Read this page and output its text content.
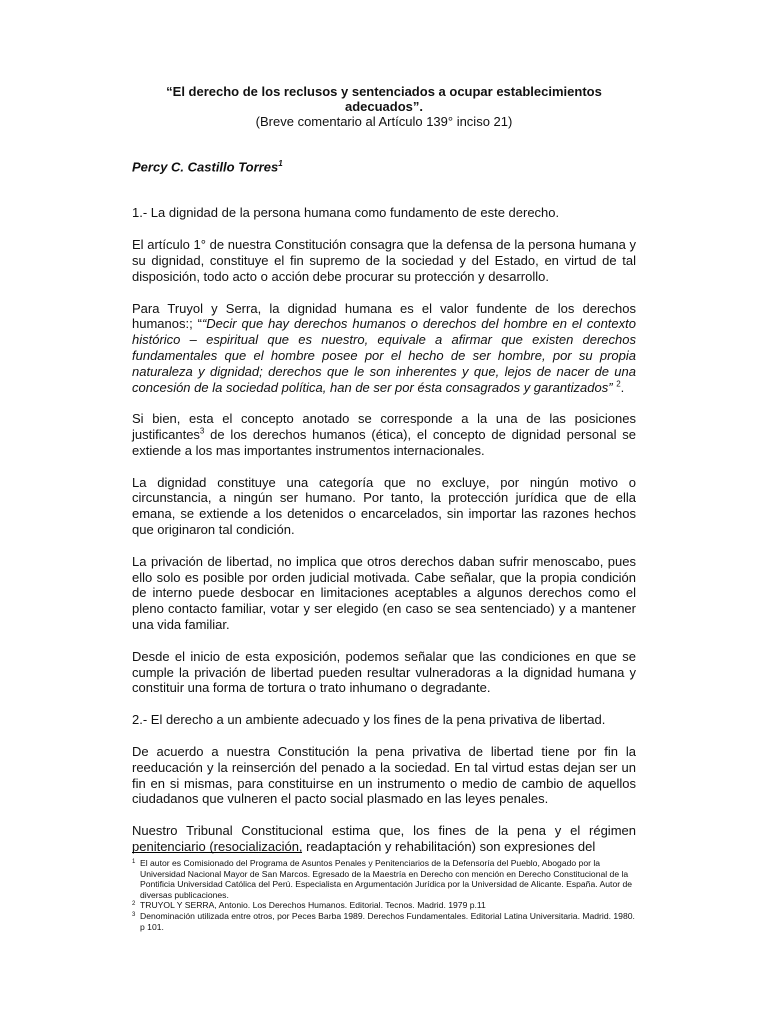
“El derecho de los reclusos y sentenciados a ocupar establecimientos adecuados”.

(Breve comentario al Artículo 139° inciso 21)

Percy C. Castillo Torres$^1$

1.- La dignidad de la persona humana como fundamento de este derecho.

El artículo 1° de nuestra Constitución consagra que la defensa de la persona humana y su dignidad, constituye el fin supremo de la sociedad y del Estado, en virtud de tal disposición, todo acto o acción debe procurar su protección y desarrollo.

Para Truyol y Serra, la dignidad humana es el valor fundente de los derechos humanos:; ““Decir que hay derechos humanos o derechos del hombre en el contexto histórico – espiritual que es nuestro, equivale a afirmar que existen derechos fundamentales que el hombre posee por el hecho de ser hombre, por su propia naturaleza y dignidad; derechos que le son inherentes y que, lejos de nacer de una concesión de la sociedad política, han de ser por ésta consagrados y garantizados” $^2$.

Si bien, esta el concepto anotado se corresponde a la una de las posiciones justificantes$^3$ de los derechos humanos (ética), el concepto de dignidad personal se extiende a los mas importantes instrumentos internacionales.

La dignidad constituye una categoría que no excluye, por ningún motivo o circunstancia, a ningún ser humano. Por tanto, la protección jurídica que de ella emana, se extiende a los detenidos o encarcelados, sin importar las razones hechos que originaron tal condición.

La privación de libertad, no implica que otros derechos daban sufrir menoscabo, pues ello solo es posible por orden judicial motivada. Cabe señalar, que la propia condición de interno puede desbocar en limitaciones aceptables a algunos derechos como el pleno contacto familiar, votar y ser elegido (en caso se sea sentenciado) y a mantener una vida familiar.

Desde el inicio de esta exposición, podemos señalar que las condiciones en que se cumple la privación de libertad pueden resultar vulneradoras a la dignidad humana y constituir una forma de tortura o trato inhumano o degradante.

2.- El derecho a un ambiente adecuado y los fines de la pena privativa de libertad.

De acuerdo a nuestra Constitución la pena privativa de libertad tiene por fin la reeducación y la reinserción del penado a la sociedad. En tal virtud estas dejan ser un fin en si mismas, para constituirse en un instrumento o medio de cambio de aquellos ciudadanos que vulneren el pacto social plasmado en las leyes penales.

Nuestro Tribunal Constitucional estima que, los fines de la pena y el régimen penitenciario (resocialización, readaptación y rehabilitación) son expresiones del

1 El autor es Comisionado del Programa de Asuntos Penales y Penitenciarios de la Defensoría del Pueblo, Abogado por la Universidad Nacional Mayor de San Marcos. Egresado de la Maestría en Derecho con mención en Derecho Constitucional de la Pontificia Universidad Católica del Perú. Especialista en Argumentación Jurídica por la Universidad de Alicante. España. Autor de diversas publicaciones.

2 TRUYOL Y SERRA, Antonio. Los Derechos Humanos. Editorial. Tecnos. Madrid. 1979 p.11

3 Denominación utilizada entre otros, por Peces Barba 1989. Derechos Fundamentales. Editorial Latina Universitaria. Madrid. 1980. p 101.
